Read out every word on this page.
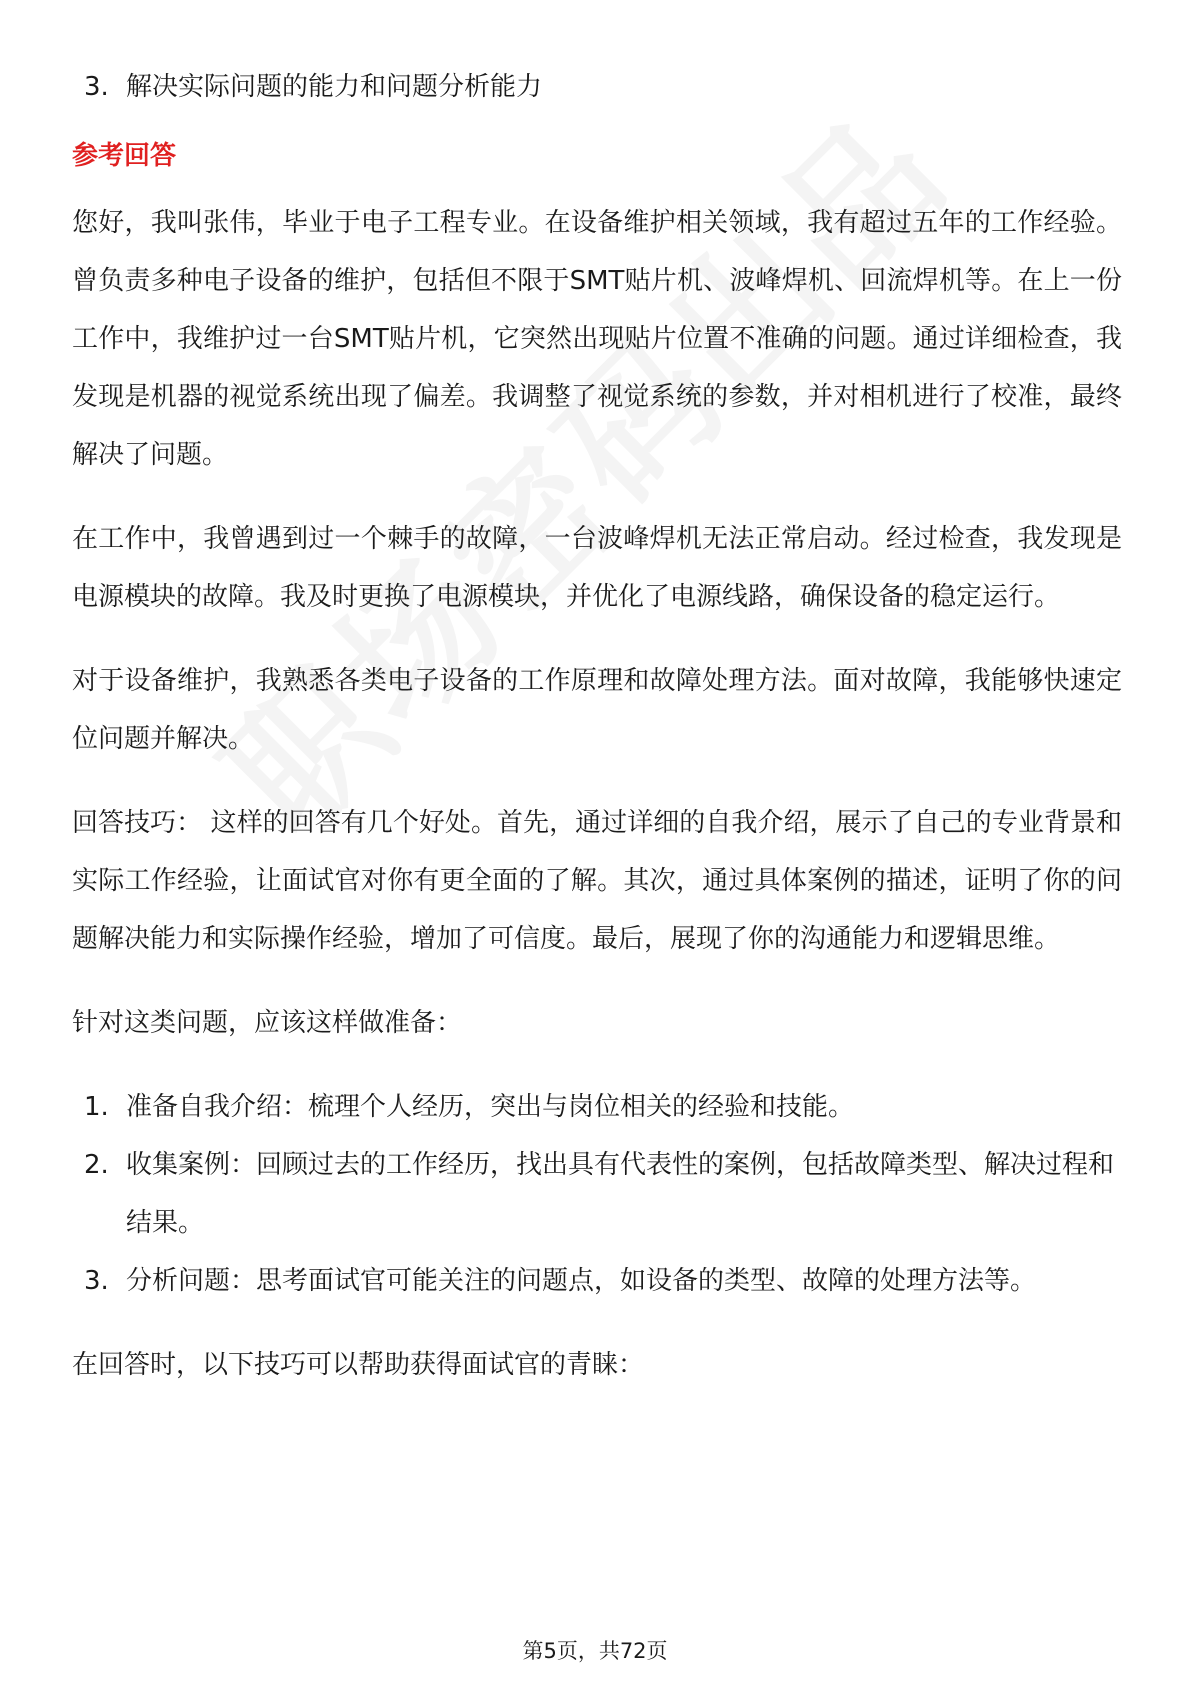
3. 解决实际问题的能力和问题分析能力
参考回答

您好，我叫张伟，毕业于电子工程专业。在设备维护相关领域，我有超过五年的工作经验。曾负责多种电子设备的维护，包括但不限于SMT贴片机、波峰焊机、回流焊机等。在上一份工作中，我维护过一台SMT贴片机，它突然出现贴片位置不准确的问题。通过详细检查，我发现是机器的视觉系统出现了偏差。我调整了视觉系统的参数，并对相机进行了校准，最终解决了问题。

在工作中，我曾遇到过一个棘手的故障，一台波峰焊机无法正常启动。经过检查，我发现是电源模块的故障。我及时更换了电源模块，并优化了电源线路，确保设备的稳定运行。

对于设备维护，我熟悉各类电子设备的工作原理和故障处理方法。面对故障，我能够快速定位问题并解决。

回答技巧： 这样的回答有几个好处。首先，通过详细的自我介绍，展示了自己的专业背景和实际工作经验，让面试官对你有更全面的了解。其次，通过具体案例的描述，证明了你的问题解决能力和实际操作经验，增加了可信度。最后，展现了你的沟通能力和逻辑思维。

针对这类问题，应该这样做准备：

1. 准备自我介绍：梳理个人经历，突出与岗位相关的经验和技能。
2. 收集案例：回顾过去的工作经历，找出具有代表性的案例，包括故障类型、解决过程和结果。
3. 分析问题：思考面试官可能关注的问题点，如设备的类型、故障的处理方法等。

在回答时，以下技巧可以帮助获得面试官的青睐：

第5页，共72页
